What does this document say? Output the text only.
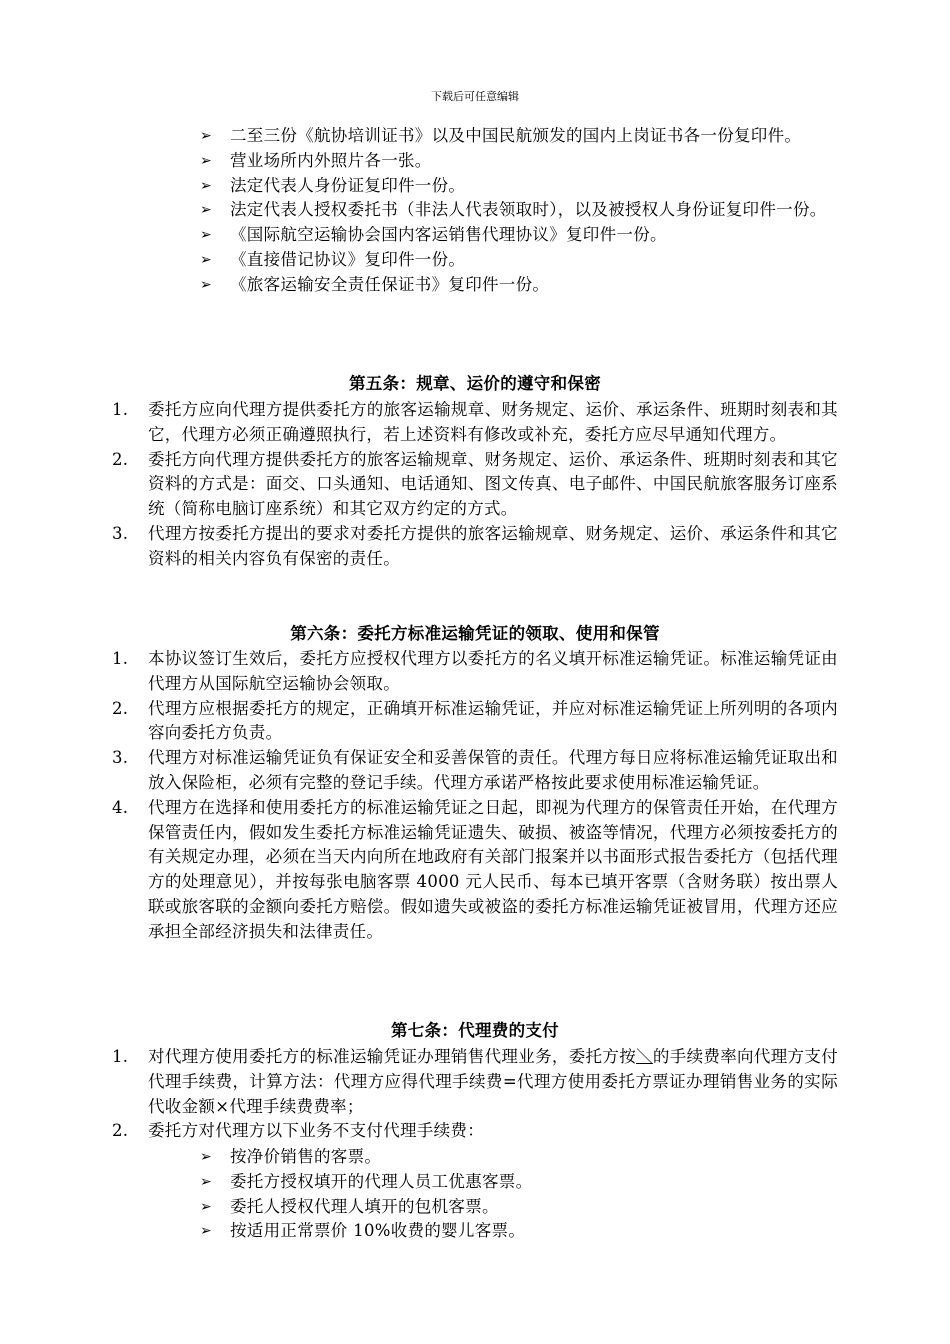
下载后可任意编辑
➢ 二至三份《航协培训证书》以及中国民航颁发的国内上岗证书各一份复印件。
➢ 营业场所内外照片各一张。
➢ 法定代表人身份证复印件一份。
➢ 法定代表人授权委托书（非法人代表领取时），以及被授权人身份证复印件一份。
➢ 《国际航空运输协会国内客运销售代理协议》复印件一份。
➢ 《直接借记协议》复印件一份。
➢ 《旅客运输安全责任保证书》复印件一份。
第五条：规章、运价的遵守和保密
1. 委托方应向代理方提供委托方的旅客运输规章、财务规定、运价、承运条件、班期时刻表和其它，代理方必须正确遵照执行，若上述资料有修改或补充，委托方应尽早通知代理方。
2. 委托方向代理方提供委托方的旅客运输规章、财务规定、运价、承运条件、班期时刻表和其它资料的方式是：面交、口头通知、电话通知、图文传真、电子邮件、中国民航旅客服务订座系统（简称电脑订座系统）和其它双方约定的方式。
3. 代理方按委托方提出的要求对委托方提供的旅客运输规章、财务规定、运价、承运条件和其它资料的相关内容负有保密的责任。
第六条：委托方标准运输凭证的领取、使用和保管
1. 本协议签订生效后，委托方应授权代理方以委托方的名义填开标准运输凭证。标准运输凭证由代理方从国际航空运输协会领取。
2. 代理方应根据委托方的规定，正确填开标准运输凭证，并应对标准运输凭证上所列明的各项内容向委托方负责。
3. 代理方对标准运输凭证负有保证安全和妥善保管的责任。代理方每日应将标准运输凭证取出和放入保险柜，必须有完整的登记手续。代理方承诺严格按此要求使用标准运输凭证。
4. 代理方在选择和使用委托方的标准运输凭证之日起，即视为代理方的保管责任开始，在代理方保管责任内，假如发生委托方标准运输凭证遗失、破损、被盗等情况，代理方必须按委托方的有关规定办理，必须在当天内向所在地政府有关部门报案并以书面形式报告委托方（包括代理方的处理意见），并按每张电脑客票 4000 元人民币、每本已填开客票（含财务联）按出票人联或旅客联的金额向委托方赔偿。假如遗失或被盗的委托方标准运输凭证被冒用，代理方还应承担全部经济损失和法律责任。
第七条：代理费的支付
1. 对代理方使用委托方的标准运输凭证办理销售代理业务，委托方按＼的手续费率向代理方支付代理手续费，计算方法：代理方应得代理手续费=代理方使用委托方票证办理销售业务的实际代收金额×代理手续费费率；
2. 委托方对代理方以下业务不支付代理手续费：
➢ 按净价销售的客票。
➢ 委托方授权填开的代理人员工优惠客票。
➢ 委托人授权代理人填开的包机客票。
➢ 按适用正常票价 10%收费的婴儿客票。
